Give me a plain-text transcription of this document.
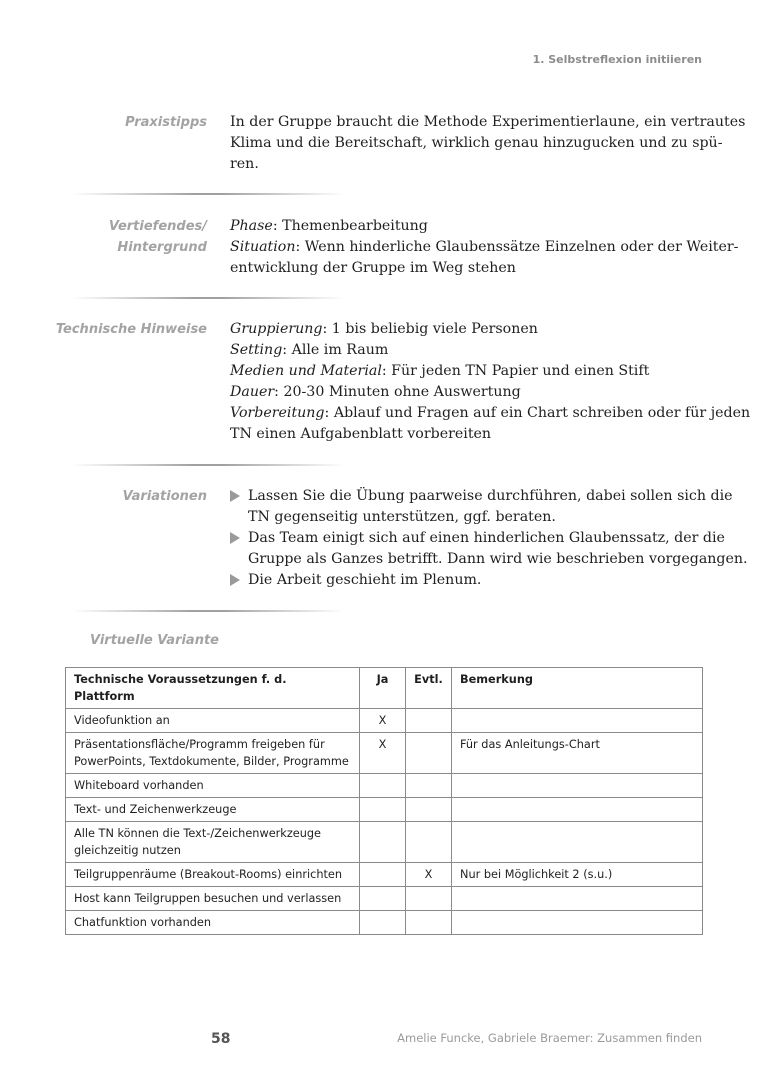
1. Selbstreflexion initiieren
Praxistipps In der Gruppe braucht die Methode Experimentierlaune, ein vertrautes
Klima und die Bereitschaft, wirklich genau hinzugucken und zu spü-
ren.
Vertiefendes/
Hintergrund
Phase: Themenbearbeitung
Situation: Wenn hinderliche Glaubenssätze Einzelnen oder der Weiter-
entwicklung der Gruppe im Weg stehen
Technische Hinweise Gruppierung: 1 bis beliebig viele Personen
Setting: Alle im Raum
Medien und Material: Für jeden TN Papier und einen Stift
Dauer: 20-30 Minuten ohne Auswertung
Vorbereitung: Ablauf und Fragen auf ein Chart schreiben oder für jeden
TN einen Aufgabenblatt vorbereiten
Variationen	Lassen Sie die Übung paarweise durchführen, dabei sollen sich die
TN gegenseitig unterstützen, ggf. beraten.
Das Team einigt sich auf einen hinderlichen Glaubenssatz, der die
Gruppe als Ganzes betrifft. Dann wird wie beschrieben vorgegangen.
Die Arbeit geschieht im Plenum.
Virtuelle Variante
Technische Voraussetzungen f. d. Plattform	Ja	Evtl.	Bemerkung
Videofunktion an	X		

Präsentationsfläche/Programm freigeben für
PowerPoints, Textdokumente, Bilder, Programme	X		Für das Anleitungs-Chart
Whiteboard vorhanden			
Text- und Zeichenwerkzeuge			

Alle TN können die Text-/Zeichenwerkzeuge
gleichzeitig nutzen			

Teilgruppenräume (Breakout-Rooms) einrichten		X	Nur bei Möglichkeit 2 (s.u.)
Host kann Teilgruppen besuchen und verlassen			
Chatfunktion vorhanden			
58	Amelie Funcke, Gabriele Braemer: Zusammen finden
